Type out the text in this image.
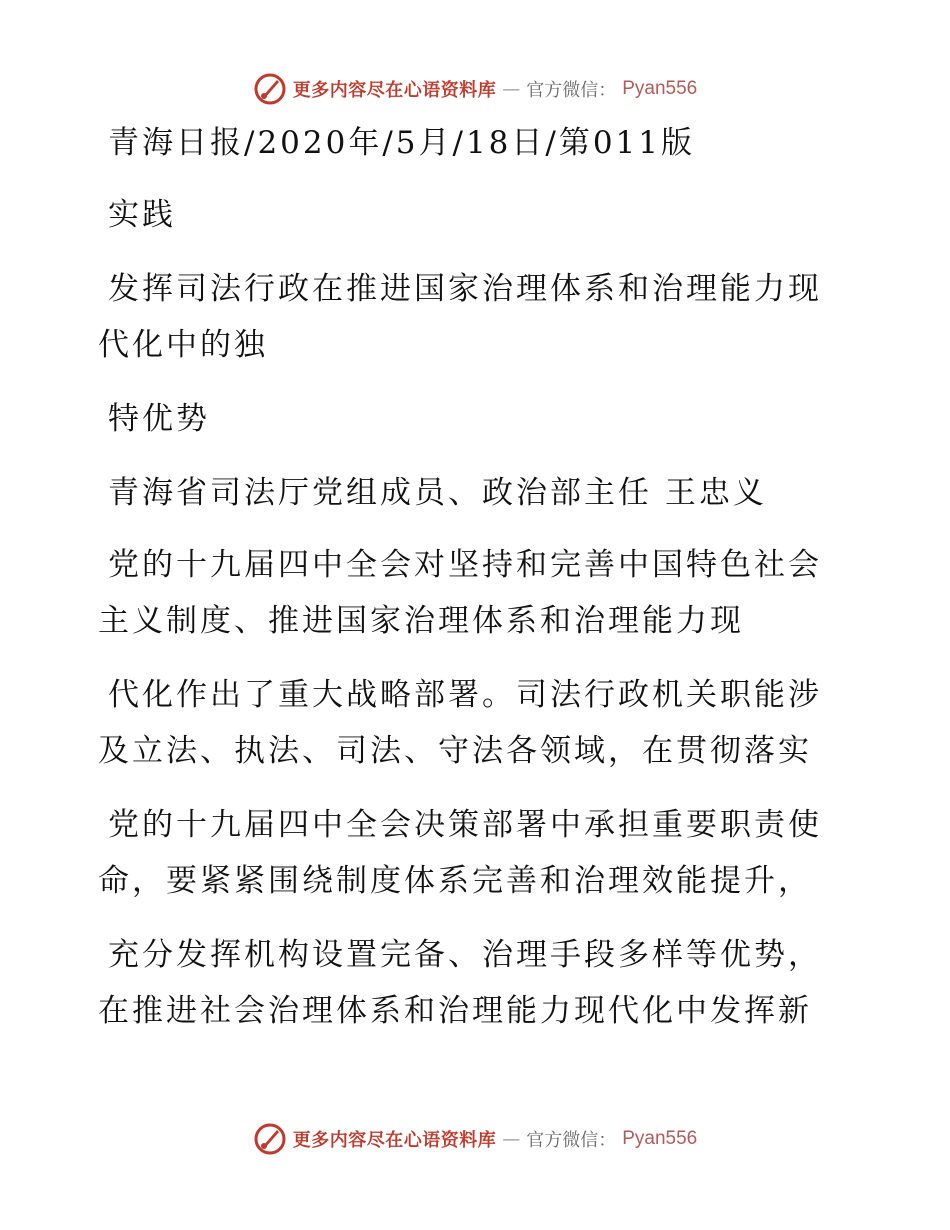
更多内容尽在心语资料库 — 官方微信： Pyan556

青海日报/2020年/5月/18日/第011版

实践

发挥司法行政在推进国家治理体系和治理能力现

代化中的独

特优势

青海省司法厅党组成员、政治部主任 王忠义

党的十九届四中全会对坚持和完善中国特色社会

主义制度、推进国家治理体系和治理能力现

代化作出了重大战略部署。司法行政机关职能涉

及立法、执法、司法、守法各领域，在贯彻落实

党的十九届四中全会决策部署中承担重要职责使

命，要紧紧围绕制度体系完善和治理效能提升，

充分发挥机构设置完备、治理手段多样等优势，

在推进社会治理体系和治理能力现代化中发挥新

更多内容尽在心语资料库 — 官方微信： Pyan556
